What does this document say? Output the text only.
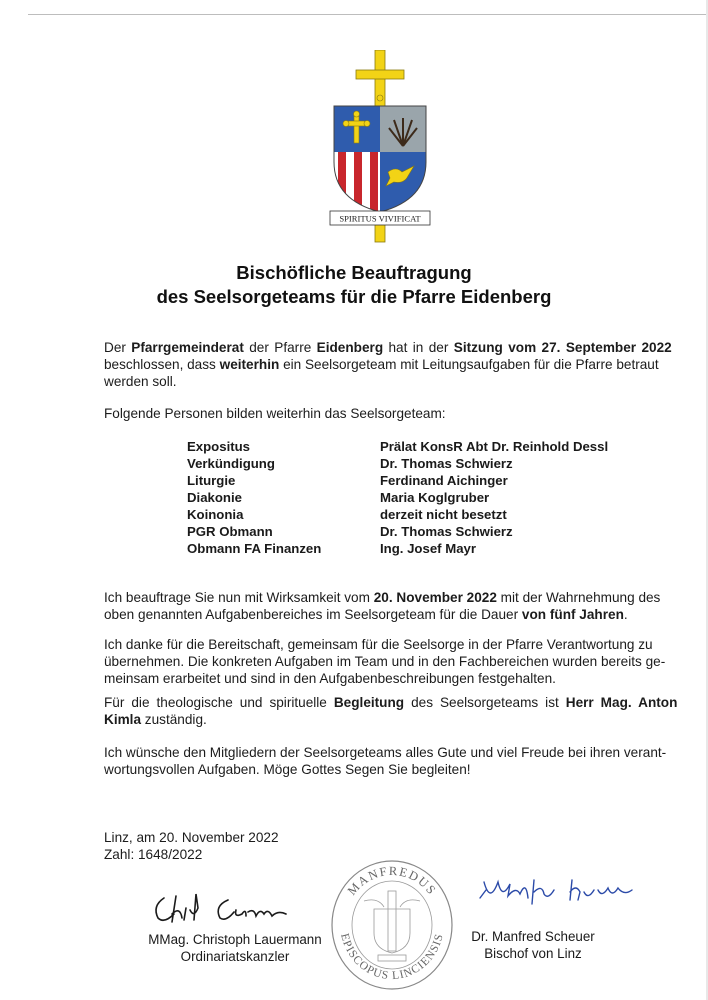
SPIRITUS VIVIFICAT
Bischöfliche Beauftragung
des Seelsorgeteams für die Pfarre Eidenberg
Der Pfarrgemeinderat der Pfarre Eidenberg hat in der Sitzung vom 27. September 2022
beschlossen, dass weiterhin ein Seelsorgeteam mit Leitungsaufgaben für die Pfarre betraut
werden soll.
Folgende Personen bilden weiterhin das Seelsorgeteam:
Expositus	Prälat KonsR Abt Dr. Reinhold Dessl
Verkündigung	Dr. Thomas Schwierz
Liturgie	Ferdinand Aichinger
Diakonie	Maria Koglgruber
Koinonia	derzeit nicht besetzt
PGR Obmann	Dr. Thomas Schwierz
Obmann FA Finanzen	Ing. Josef Mayr
Ich beauftrage Sie nun mit Wirksamkeit vom 20. November 2022 mit der Wahrnehmung des
oben genannten Aufgabenbereiches im Seelsorgeteam für die Dauer von fünf Jahren.
Ich danke für die Bereitschaft, gemeinsam für die Seelsorge in der Pfarre Verantwortung zu
übernehmen. Die konkreten Aufgaben im Team und in den Fachbereichen wurden bereits ge-
meinsam erarbeitet und sind in den Aufgabenbeschreibungen festgehalten.
Für die theologische und spirituelle Begleitung des Seelsorgeteams ist Herr Mag. Anton
Kimla zuständig.
Ich wünsche den Mitgliedern der Seelsorgeteams alles Gute und viel Freude bei ihren verant-
wortungsvollen Aufgaben. Möge Gottes Segen Sie begleiten!
Linz, am 20. November 2022
Zahl: 1648/2022
MANFREDUS
EPISCOPUS LINCIENSIS
MMag. Christoph Lauermann
Ordinariatskanzler
Dr. Manfred Scheuer
Bischof von Linz
